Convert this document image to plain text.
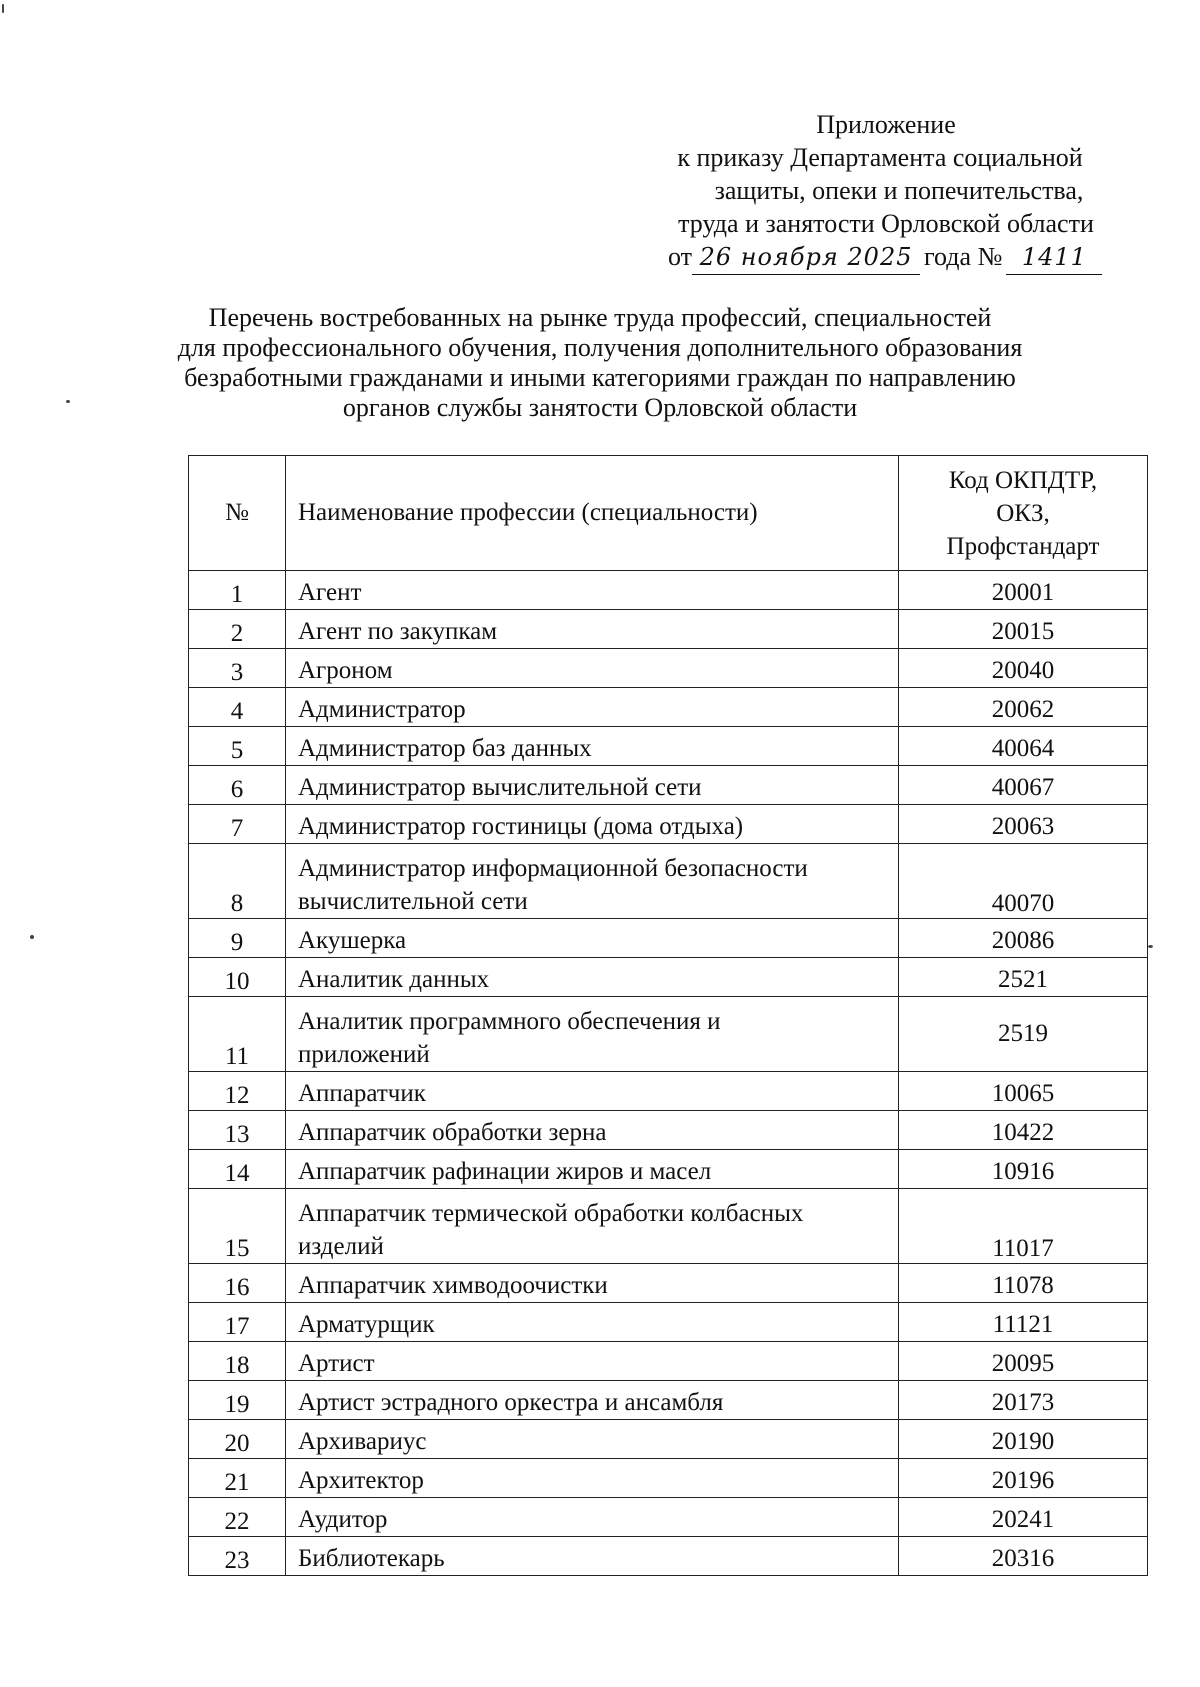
Приложение
к приказу Департамента социальной
защиты, опеки и попечительства,
труда и занятости Орловской области
от 26 ноября 2025 года № 1411
Перечень востребованных на рынке труда профессий, специальностей
для профессионального обучения, получения дополнительного образования
безработными гражданами и иными категориями граждан по направлению
органов службы занятости Орловской области
№	Наименование профессии (специальности)	Код ОКПДТР,
ОКЗ,
Профстандарт

1	Агент	20001
2	Агент по закупкам	20015
3	Агроном	20040
4	Администратор	20062
5	Администратор баз данных	40064
6	Администратор вычислительной сети	40067
7	Администратор гостиницы (дома отдыха)	20063
8	Администратор информационной безопасности
вычислительной сети	40070
9	Акушерка	20086
10	Аналитик данных	2521
11	Аналитик программного обеспечения и
приложений	2519
12	Аппаратчик	10065
13	Аппаратчик обработки зерна	10422
14	Аппаратчик рафинации жиров и масел	10916
15	Аппаратчик термической обработки колбасных
изделий	11017
16	Аппаратчик химводоочистки	11078
17	Арматурщик	11121
18	Артист	20095
19	Артист эстрадного оркестра и ансамбля	20173
20	Архивариус	20190
21	Архитектор	20196
22	Аудитор	20241
23	Библиотекарь	20316
